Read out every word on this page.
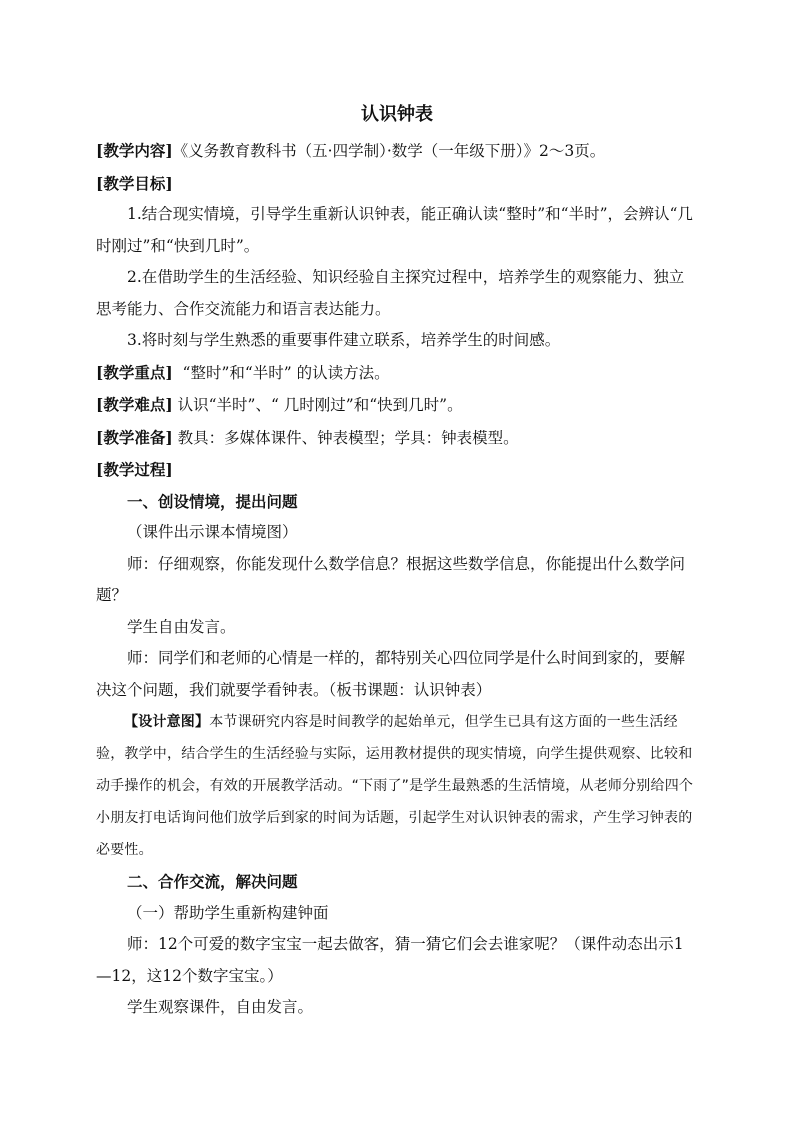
认识钟表

[教学内容]《义务教育教科书（五·四学制）·数学（一年级下册）》2～3页。

[教学目标]

1.结合现实情境，引导学生重新认识钟表，能正确认读“整时”和“半时”，会辨认“几时刚过”和“快到几时”。

2.在借助学生的生活经验、知识经验自主探究过程中，培养学生的观察能力、独立思考能力、合作交流能力和语言表达能力。

3.将时刻与学生熟悉的重要事件建立联系，培养学生的时间感。

[教学重点] “整时”和“半时” 的认读方法。

[教学难点] 认识“半时”、“ 几时刚过”和“快到几时”。

[教学准备] 教具：多媒体课件、钟表模型；学具：钟表模型。

[教学过程]

一、创设情境，提出问题

（课件出示课本情境图）

师：仔细观察，你能发现什么数学信息？根据这些数学信息，你能提出什么数学问题？

学生自由发言。

师：同学们和老师的心情是一样的，都特别关心四位同学是什么时间到家的，要解决这个问题，我们就要学看钟表。（板书课题：认识钟表）

【设计意图】本节课研究内容是时间教学的起始单元，但学生已具有这方面的一些生活经验，教学中，结合学生的生活经验与实际，运用教材提供的现实情境，向学生提供观察、比较和动手操作的机会，有效的开展教学活动。“下雨了”是学生最熟悉的生活情境，从老师分别给四个小朋友打电话询问他们放学后到家的时间为话题，引起学生对认识钟表的需求，产生学习钟表的必要性。

二、合作交流，解决问题

（一）帮助学生重新构建钟面

师：12个可爱的数字宝宝一起去做客，猜一猜它们会去谁家呢？（课件动态出示1—12，这12个数字宝宝。）

学生观察课件，自由发言。
